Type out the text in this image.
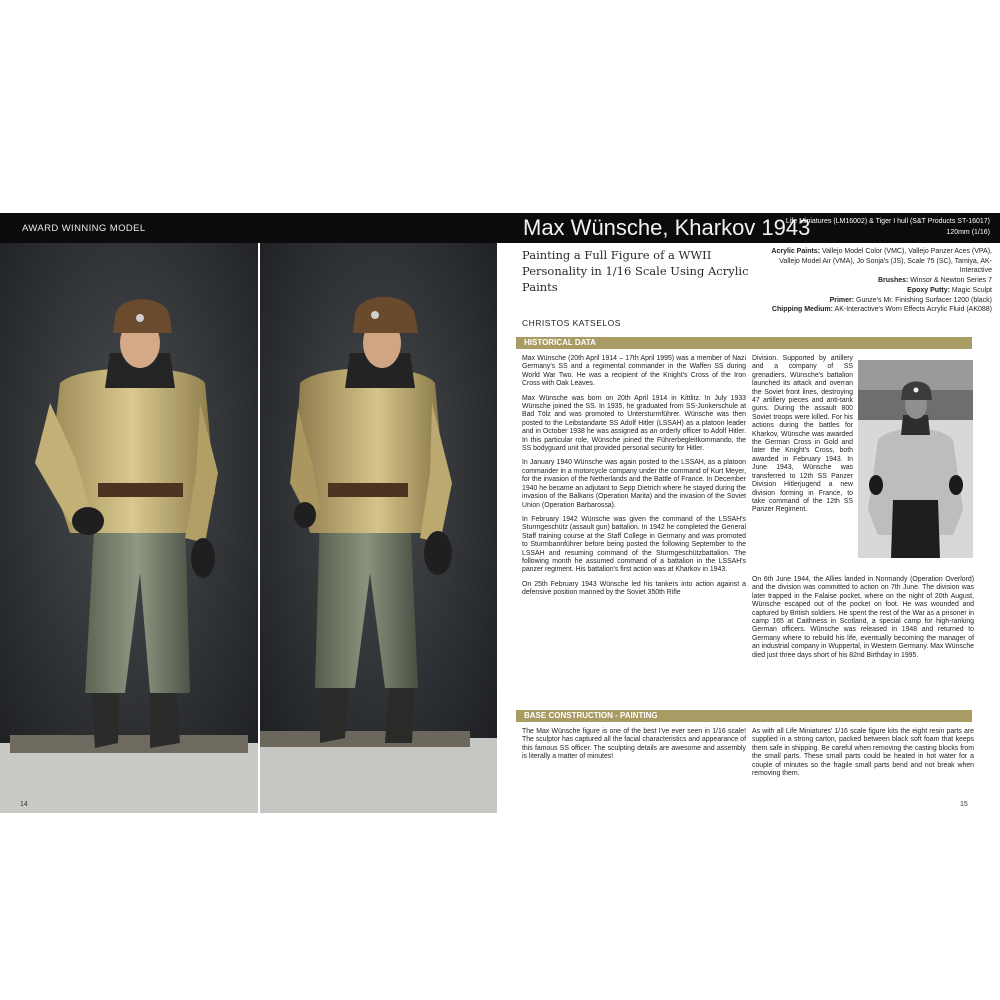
AWARD WINNING MODEL	Max Wünsche, Kharkov 1943
Life Miniatures (LM16002) & Tiger I hull (S&T Products ST-16017)
120mm (1/16)
Painting a Full Figure of a WWII Personality in 1/16 Scale Using Acrylic Paints
CHRISTOS KATSELOS
Acrylic Paints: Vallejo Model Color (VMC), Vallejo Panzer Aces (VPA), Vallejo Model Air (VMA), Jo Sonja's (JS), Scale 75 (SC), Tamiya, AK-Interactive
Brushes: Winsor & Newton Series 7
Epoxy Putty: Magic Sculpt
Primer: Gunze's Mr. Finishing Surfacer 1200 (black)
Chipping Medium: AK-Interactive's Worn Effects Acrylic Fluid (AK088)
HISTORICAL DATA

Max Wünsche (20th April 1914 – 17th April 1995) was a member of Nazi Germany's SS and a regimental commander in the Waffen SS during World War Two. He was a recipient of the Knight's Cross of the Iron Cross with Oak Leaves.

Max Wünsche was born on 20th April 1914 in Kittlitz. In July 1933 Wünsche joined the SS. In 1935, he graduated from SS-Junkerschule at Bad Tölz and was promoted to Untersturmführer. Wünsche was then posted to the Leibstandarte SS Adolf Hitler (LSSAH) as a platoon leader and in October 1938 he was assigned as an orderly officer to Adolf Hitler. In this particular role, Wünsche joined the Führerbegleitkommando, the SS bodyguard unit that provided personal security for Hitler.

In January 1940 Wünsche was again posted to the LSSAH, as a platoon commander in a motorcycle company under the command of Kurt Meyer, for the invasion of the Netherlands and the Battle of France. In December 1940 he became an adjutant to Sepp Dietrich where he stayed during the invasion of the Balkans (Operation Marita) and the invasion of the Soviet Union (Operation Barbarossa).

In February 1942 Wünsche was given the command of the LSSAH's Sturmgeschütz (assault gun) battalion. In 1942 he completed the General Staff training course at the Staff College in Germany and was promoted to Sturmbannführer before being posted the following September to the LSSAH and resuming command of the Sturmgeschützbattalion. The following month he assumed command of a battalion in the LSSAH's panzer regiment. His battalion's first action was at Kharkov in 1943.

On 25th February 1943 Wünsche led his tankers into action against a defensive position manned by the Soviet 350th Rifle

Division. Supported by artillery and a company of SS grenadiers, Wünsche's battalion launched its attack and overran the Soviet front lines, destroying 47 artillery pieces and anti-tank guns. During the assault 800 Soviet troops were killed. For his actions during the battles for Kharkov, Wünsche was awarded the German Cross in Gold and later the Knight's Cross, both awarded in February 1943. In June 1943, Wünsche was transferred to 12th SS Panzer Division Hitlerjugend a new division forming in France, to take command of the 12th SS Panzer Regiment.

On 6th June 1944, the Allies landed in Normandy (Operation Overlord) and the division was committed to action on 7th June. The division was later trapped in the Falaise pocket, where on the night of 20th August, Wünsche escaped out of the pocket on foot. He was wounded and captured by British soldiers. He spent the rest of the War as a prisoner in camp 165 at Caithness in Scotland, a special camp for high-ranking German officers. Wünsche was released in 1948 and returned to Germany where to rebuild his life, eventually becoming the manager of an industrial company in Wuppertal, in Western Germany. Max Wünsche died just three days short of his 82nd Birthday in 1995.

BASE CONSTRUCTION - PAINTING

The Max Wünsche figure is one of the best I've ever seen in 1/16 scale! The sculptor has captured all the facial characteristics and appearance of this famous SS officer. The sculpting details are awesome and assembly is literally a matter of minutes!

As with all Life Miniatures' 1/16 scale figure kits the eight resin parts are supplied in a strong carton, packed between black soft foam that keeps them safe in shipping. Be careful when removing the casting blocks from the small parts. These small parts could be heated in hot water for a couple of minutes so the fragile small parts bend and not break when removing them.

14	15
